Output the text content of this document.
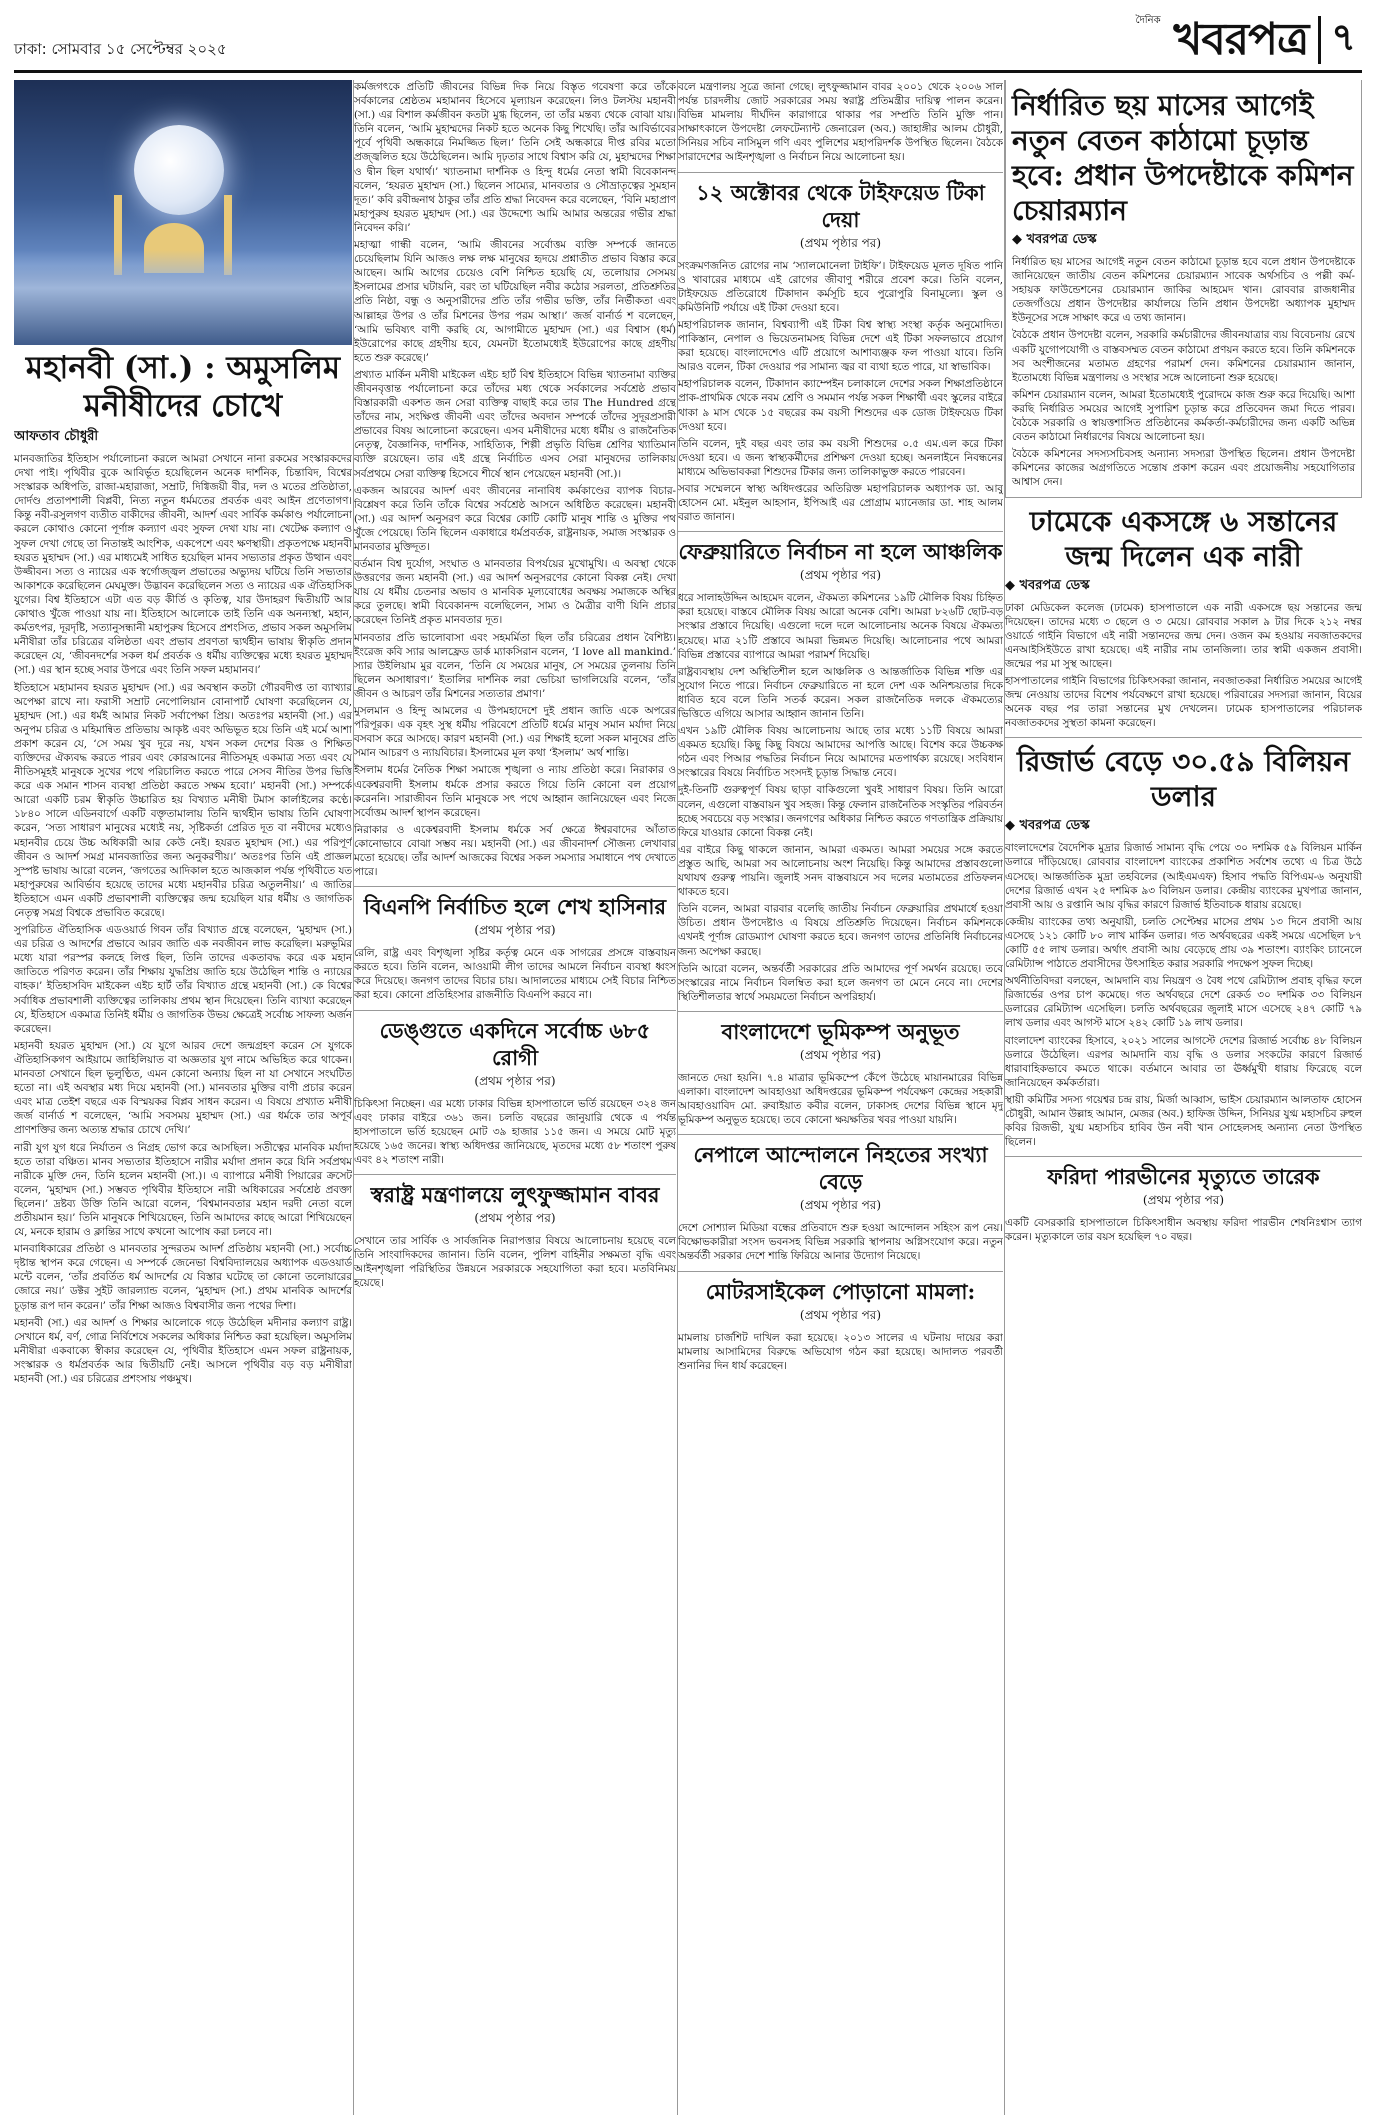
ঢাকা: সোমবার ১৫ সেপ্টেম্বর ২০২৫
দৈনিক খবরপত্র ৭
মহানবী (সা.) : অমুসলিম মনীষীদের চোখে
আফতাব চৌধুরী

মানবজাতির ইতিহাস পর্যালোচনা করলে আমরা সেখানে নানা রকমের সংস্কারকদের দেখা পাই। পৃথিবীর বুকে আবির্ভূত হয়েছিলেন অনেক দার্শনিক, চিন্তাবিদ, বিশ্বের সংস্কারক অধিপতি, রাজা-মহারাজা, সম্রাট, দিগ্বিজয়ী বীর, দল ও মতের প্রতিষ্ঠাতা, দোর্দণ্ড প্রতাপশালী বিপ্লবী, নিত্য নতুন ধর্মমতের প্রবর্তক এবং আইন প্রণেতাগণ। কিন্তু নবী-রসুলগণ ব্যতীত বাকীদের জীবনী, আদর্শ এবং সার্বিক কর্মকাণ্ড পর্যালোচনা করলে কোথাও কোনো পূর্ণাঙ্গ কল্যাণ এবং সুফল দেখা যায় না। খেটেক্ষ কল্যাণ ও সুফল দেখা গেছে তা নিতান্তই আংশিক, একপেশে এবং ক্ষণস্থায়ী। প্রকৃতপক্ষে মহানবী হযরত মুহাম্মদ (সা.) এর মাধ্যমেই সাধিত হয়েছিল মানব সভ্যতার প্রকৃত উত্থান এবং উজ্জীবন। সত্য ও ন্যায়ের এক স্বর্গোজ্জ্বল প্রভাতের অভ্যুদয় ঘটিয়ে তিনি সভ্যতার আকাশকে করেছিলেন মেঘমুক্ত। উদ্ভাবন করেছিলেন সত্য ও ন্যায়ের এক ঐতিহাসিক যুগের। বিশ্ব ইতিহাসে এটা এত বড় কীর্তি ও কৃতিত্ব, যার উদাহরণ দ্বিতীয়টি আর কোথাও খুঁজে পাওয়া যায় না। ইতিহাসে আলোকে তাই তিনি এক অনন্যস্থা, মহান, কর্মতৎপর, দূরদৃষ্টি, সত্যানুসন্ধানী মহাপুরুষ হিসেবে প্রশংসিত, প্রভাব সকল অমুসলিম মনীষীরা তাঁর চরিত্রের বলিষ্ঠতা এবং প্রভাব প্রবণতা দ্ব্যর্থহীন ভাষায় স্বীকৃতি প্রদান করেছেন যে, ‘জীবনদর্শের সকল ধর্ম প্রবর্তক ও ধর্মীয় ব্যক্তিত্বের মধ্যে হযরত মুহাম্মদ (সা.) এর স্থান হচ্ছে সবার উপরে এবং তিনি সফল মহামানব।’

ইতিহাসে মহামানব হযরত মুহাম্মদ (সা.) এর অবস্থান কতটা গৌরবদীপ্ত তা ব্যাখ্যার অপেক্ষা রাখে না। ফরাসী সম্রাট নেপোলিয়ান বোনাপার্ট ঘোষণা করেছিলেন যে, মুহাম্মদ (সা.) এর ধর্মই আমার নিকট সর্বাপেক্ষা প্রিয়। অতঃপর মহানবী (সা.) এর অনুপম চরিত্র ও মহিমান্বিত প্রতিভায় আকৃষ্ট এবং অভিভূত হয়ে তিনি এই মর্মে আশা প্রকাশ করেন যে, ‘সে সময় খুব দূরে নয়, যখন সকল দেশের বিজ্ঞ ও শিক্ষিত ব্যক্তিদের ঐক্যবদ্ধ করতে পারব এবং কোরআনের নীতিসমূহ একমাত্র সত্য এবং যে নীতিসমূহই মানুষকে সুখের পথে পরিচালিত করতে পারে সেসব নীতির উপর ভিত্তি করে এক সমান শাসন ব্যবস্থা প্রতিষ্ঠা করতে সক্ষম হবো।’ মহানবী (সা.) সম্পর্কে আরো একটি চরম স্বীকৃতি উচ্চারিত হয় বিখ্যাত মনীষী টমাস কার্লাইলের কণ্ঠে। ১৮৪০ সালে এডিনবার্গে একটি বক্তৃতামালায় তিনি দ্ব্যর্থহীন ভাষায় তিনি ঘোষণা করেন, ‘সত্য সাধারণ মানুষের মধ্যেই নয়, সৃষ্টিকর্তা প্রেরিত দূত বা নবীদের মধ্যেও মহানবীর চেয়ে উচ্চ অধিকারী আর কেউ নেই। হযরত মুহাম্মদ (সা.) এর পরিপূর্ণ জীবন ও আদর্শ সমগ্র মানবজাতির জন্য অনুকরণীয়।’ অতঃপর তিনি এই প্রাজ্ঞল সুস্পষ্ট ভাষায় আরো বলেন, ‘জগতের আদিকাল হতে আজকাল পর্যন্ত পৃথিবীতে যত মহাপুরুষের আবির্ভাব হয়েছে তাদের মধ্যে মহানবীর চরিত্র অতুলনীয়।’ এ জাতির ইতিহাসে এমন একটি প্রভাবশালী ব্যক্তিত্বের জন্ম হয়েছিল যার ধর্মীয় ও জাগতিক নেতৃত্ব সমগ্র বিশ্বকে প্রভাবিত করেছে।

সুপরিচিত ঐতিহাসিক এডওয়ার্ড গিবন তাঁর বিখ্যাত গ্রন্থে বলেছেন, ‘মুহাম্মদ (সা.) এর চরিত্র ও আদর্শের প্রভাবে আরব জাতি এক নবজীবন লাভ করেছিল। মরুভূমির মধ্যে যারা পরস্পর কলহে লিপ্ত ছিল, তিনি তাদের একতাবদ্ধ করে এক মহান জাতিতে পরিণত করেন। তাঁর শিক্ষায় যুদ্ধপ্রিয় জাতি হয়ে উঠেছিল শান্তি ও ন্যায়ের বাহক।’ ইতিহাসবিদ মাইকেল এইচ হার্ট তাঁর বিখ্যাত গ্রন্থে মহানবী (সা.) কে বিশ্বের সর্বাধিক প্রভাবশালী ব্যক্তিত্বের তালিকায় প্রথম স্থান দিয়েছেন। তিনি ব্যাখ্যা করেছেন যে, ইতিহাসে একমাত্র তিনিই ধর্মীয় ও জাগতিক উভয় ক্ষেত্রেই সর্বোচ্চ সাফল্য অর্জন করেছেন।

মহানবী হযরত মুহাম্মদ (সা.) যে যুগে আরব দেশে জন্মগ্রহণ করেন সে যুগকে ঐতিহাসিকগণ আইয়ামে জাহিলিয়াত বা অজ্ঞতার যুগ নামে অভিহিত করে থাকেন। মানবতা সেখানে ছিল ভূলুণ্ঠিত, এমন কোনো অন্যায় ছিল না যা সেখানে সংঘটিত হতো না। এই অবস্থার মধ্য দিয়ে মহানবী (সা.) মানবতার মুক্তির বাণী প্রচার করেন এবং মাত্র তেইশ বছরে এক বিস্ময়কর বিপ্লব সাধন করেন। এ বিষয়ে প্রখ্যাত মনীষী জর্জ বার্নার্ড শ বলেছেন, ‘আমি সবসময় মুহাম্মদ (সা.) এর ধর্মকে তার অপূর্ব প্রাণশক্তির জন্য অত্যন্ত শ্রদ্ধার চোখে দেখি।’

নারী যুগ যুগ ধরে নির্যাতন ও নিগ্রহ ভোগ করে আসছিল। সতীত্বের মানবিক মর্যাদা হতে তারা বঞ্চিত। মানব সভ্যতার ইতিহাসে নারীর মর্যাদা প্রদান করে যিনি সর্বপ্রথম নারীকে মুক্তি দেন, তিনি হলেন মহানবী (সা.)। এ ব্যাপারে মনীষী পিয়ারের ক্রসেট বলেন, ‘মুহাম্মদ (সা.) সম্ভবত পৃথিবীর ইতিহাসে নারী অধিকারের সর্বশ্রেষ্ঠ প্রবক্তা ছিলেন।’ দ্রষ্টব্য উক্তি তিনি আরো বলেন, ‘বিশ্বমানবতার মহান দরদী নেতা বলে প্রতীয়মান হয়।’ তিনি মানুষকে শিখিয়েছেন, তিনি আমাদের কাছে আরো শিখিয়েছেন যে, মনকে হারাম ও ক্লান্তির সাথে কখনো আপোষ করা চলবে না।

মানবাধিকারের প্রতিষ্ঠা ও মানবতার সুন্দরতম আদর্শ প্রতিষ্ঠায় মহানবী (সা.) সর্বোচ্চ দৃষ্টান্ত স্থাপন করে গেছেন। এ সম্পর্কে জেনেভা বিশ্ববিদ্যালয়ের অধ্যাপক এডওয়ার্ড মন্টে বলেন, ‘তাঁর প্রবর্তিত ধর্ম আদর্শের যে বিস্তার ঘটেছে তা কোনো তলোয়ারের জোরে নয়।’ ডক্টর সুইট জারল্যান্ড বলেন, ‘মুহাম্মদ (সা.) প্রথম মানবিক আদর্শের চূড়ান্ত রূপ দান করেন।’ তাঁর শিক্ষা আজও বিশ্ববাসীর জন্য পথের দিশা।

মহানবী (সা.) এর আদর্শ ও শিক্ষার আলোকে গড়ে উঠেছিল মদীনার কল্যাণ রাষ্ট্র। সেখানে ধর্ম, বর্ণ, গোত্র নির্বিশেষে সকলের অধিকার নিশ্চিত করা হয়েছিল। অমুসলিম মনীষীরা একবাক্যে স্বীকার করেছেন যে, পৃথিবীর ইতিহাসে এমন সফল রাষ্ট্রনায়ক, সংস্কারক ও ধর্মপ্রবর্তক আর দ্বিতীয়টি নেই। আসলে পৃথিবীর বড় বড় মনীষীরা মহানবী (সা.) এর চরিত্রের প্রশংসায় পঞ্চমুখ।

কর্মজগৎকে প্রতিটি জীবনের বিভিন্ন দিক নিয়ে বিস্তৃত গবেষণা করে তাঁকে সর্বকালের শ্রেষ্ঠতম মহামানব হিসেবে মূল্যায়ন করেছেন। লিও টলস্টয় মহানবী (সা.) এর বিশাল কর্মজীবন কতটা মুগ্ধ ছিলেন, তা তাঁর মন্তব্য থেকে বোঝা যায়। তিনি বলেন, ‘আমি মুহাম্মদের নিকট হতে অনেক কিছু শিখেছি। তাঁর আবির্ভাবের পূর্বে পৃথিবী অন্ধকারে নিমজ্জিত ছিল।’ তিনি সেই অন্ধকারে দীপ্ত রবির মতো প্রজ্জ্বলিত হয়ে উঠেছিলেন। আমি দৃঢ়তার সাথে বিশ্বাস করি যে, মুহাম্মদের শিক্ষা ও দ্বীন ছিল যথার্থ।’ খ্যাতনামা দার্শনিক ও হিন্দু ধর্মের নেতা স্বামী বিবেকানন্দ বলেন, ‘হযরত মুহাম্মদ (সা.) ছিলেন সাম্যের, মানবতার ও সৌভ্রাতৃত্বের সুমহান দূত।’ কবি রবীন্দ্রনাথ ঠাকুর তাঁর প্রতি শ্রদ্ধা নিবেদন করে বলেছেন, ‘বিনি মহাপ্রাণ মহাপুরুষ হযরত মুহাম্মদ (সা.) এর উদ্দেশ্যে আমি আমার অন্তরের গভীর শ্রদ্ধা নিবেদন করি।’

মহাত্মা গান্ধী বলেন, ‘আমি জীবনের সর্বোত্তম ব্যক্তি সম্পর্কে জানতে চেয়েছিলাম যিনি আজও লক্ষ লক্ষ মানুষের হৃদয়ে প্রশ্নাতীত প্রভাব বিস্তার করে আছেন। আমি আগের চেয়েও বেশি নিশ্চিত হয়েছি যে, তলোয়ার সেসময় ইসলামের প্রসার ঘটায়নি, বরং তা ঘটিয়েছিল নবীর কঠোর সরলতা, প্রতিশ্রুতির প্রতি নিষ্ঠা, বন্ধু ও অনুসারীদের প্রতি তাঁর গভীর ভক্তি, তাঁর নির্ভীকতা এবং আল্লাহর উপর ও তাঁর মিশনের উপর পরম আস্থা।’ জর্জ বার্নার্ড শ বলেছেন, ‘আমি ভবিষ্যৎ বাণী করছি যে, আগামীতে মুহাম্মদ (সা.) এর বিশ্বাস (ধর্ম) ইউরোপের কাছে গ্রহণীয় হবে, যেমনটা ইতোমধ্যেই ইউরোপের কাছে গ্রহণীয় হতে শুরু করেছে।’

প্রখ্যাত মার্কিন মনীষী মাইকেল এইচ হার্ট বিশ্ব ইতিহাসে বিভিন্ন খ্যাতনামা ব্যক্তির জীবনবৃত্তান্ত পর্যালোচনা করে তাঁদের মধ্য থেকে সর্বকালের সর্বশ্রেষ্ঠ প্রভাব বিস্তারকারী একশত জন সেরা ব্যক্তিত্ব বাছাই করে তার The Hundred গ্রন্থে তাঁদের নাম, সংক্ষিপ্ত জীবনী এবং তাঁদের অবদান সম্পর্কে তাঁদের সুদূরপ্রসারী প্রভাবের বিষয় আলোচনা করেছেন। এসব মনীষীদের মধ্যে ধর্মীয় ও রাজনৈতিক নেতৃত্ব, বৈজ্ঞানিক, দার্শনিক, সাহিত্যিক, শিল্পী প্রভৃতি বিভিন্ন শ্রেণির খ্যাতিমান ব্যক্তি রয়েছেন। তার এই গ্রন্থে নির্বাচিত এসব সেরা মানুষদের তালিকায় সর্বপ্রথমে সেরা ব্যক্তিত্ব হিসেবে শীর্ষে স্থান পেয়েছেন মহানবী (সা.)।

একজন আরবের আদর্শ এবং জীবনের নানাবিধ কর্মকাণ্ডের ব্যাপক বিচার-বিশ্লেষণ করে তিনি তাঁকে বিশ্বের সর্বশ্রেষ্ঠ আসনে অধিষ্ঠিত করেছেন। মহানবী (সা.) এর আদর্শ অনুসরণ করে বিশ্বের কোটি কোটি মানুষ শান্তি ও মুক্তির পথ খুঁজে পেয়েছে। তিনি ছিলেন একাধারে ধর্মপ্রবর্তক, রাষ্ট্রনায়ক, সমাজ সংস্কারক ও মানবতার মুক্তিদূত।

বর্তমান বিশ্ব দুর্যোগ, সংঘাত ও মানবতার বিপর্যয়ের মুখোমুখি। এ অবস্থা থেকে উত্তরণের জন্য মহানবী (সা.) এর আদর্শ অনুসরণের কোনো বিকল্প নেই। দেখা যায় যে ধর্মীয় চেতনার অভাব ও মানবিক মূল্যবোধের অবক্ষয় সমাজকে অস্থির করে তুলছে। স্বামী বিবেকানন্দ বলেছিলেন, সাম্য ও মৈত্রীর বাণী যিনি প্রচার করেছেন তিনিই প্রকৃত মানবতার দূত।

মানবতার প্রতি ভালোবাসা এবং সহমর্মিতা ছিল তাঁর চরিত্রের প্রধান বৈশিষ্ট্য। ইংরেজ কবি স্যার আলফ্রেড ডার্ক ম্যাকসিরান বলেন, ‘I love all mankind.’ স্যার উইলিয়াম মুর বলেন, ‘তিনি যে সময়ের মানুষ, সে সময়ের তুলনায় তিনি ছিলেন অসাধারণ।’ ইতালির দার্শনিক লরা ভেচিয়া ভাগলিয়েরি বলেন, ‘তাঁর জীবন ও আচরণ তাঁর মিশনের সত্যতার প্রমাণ।’

মুসলমান ও হিন্দু আমলের এ উপমহাদেশে দুই প্রধান জাতি একে অপরের পরিপূরক। এক বৃহৎ সুস্থ ধর্মীয় পরিবেশে প্রতিটি ধর্মের মানুষ সমান মর্যাদা নিয়ে বসবাস করে আসছে। কারণ মহানবী (সা.) এর শিক্ষাই হলো সকল মানুষের প্রতি সমান আচরণ ও ন্যায়বিচার। ইসলামের মূল কথা ‘ইসলাম’ অর্থ শান্তি।

ইসলাম ধর্মের নৈতিক শিক্ষা সমাজে শৃঙ্খলা ও ন্যায় প্রতিষ্ঠা করে। নিরাকার ও একেশ্বরবাদী ইসলাম ধর্মকে প্রসার করতে গিয়ে তিনি কোনো বল প্রয়োগ করেননি। সারাজীবন তিনি মানুষকে সৎ পথে আহ্বান জানিয়েছেন এবং নিজে সর্বোত্তম আদর্শ স্থাপন করেছেন।

নিরাকার ও একেশ্বরবাদী ইসলাম ধর্মকে সর্ব ক্ষেত্রে ঈশ্বরবাদের আঁতাত কোনোভাবে বোঝা সম্ভব নয়। মহানবী (সা.) এর জীবনাদর্শ সৌজন্য লেখাবার মতো হয়েছে। তাঁর আদর্শ আজকের বিশ্বের সকল সমস্যার সমাধানে পথ দেখাতে পারে।

বিএনপি নির্বাচিত হলে শেখ হাসিনার
(প্রথম পৃষ্ঠার পর)

রেলি, রাষ্ট্র এবং বিশৃঙ্খলা সৃষ্টির কর্তৃত্ব মেনে এক সাগরের প্রসঙ্গে বাস্তবায়ন করতে হবে। তিনি বলেন, আওয়ামী লীগ তাদের আমলে নির্বাচন ব্যবস্থা ধ্বংস করে দিয়েছে। জনগণ তাদের বিচার চায়। আদালতের মাধ্যমে সেই বিচার নিশ্চিত করা হবে। কোনো প্রতিহিংসার রাজনীতি বিএনপি করবে না।

ডেঙ্গুতে একদিনে সর্বোচ্চ ৬৮৫ রোগী
(প্রথম পৃষ্ঠার পর)

চিকিৎসা নিচ্ছেন। এর মধ্যে ঢাকার বিভিন্ন হাসপাতালে ভর্তি রয়েছেন ৩২৪ জন এবং ঢাকার বাইরে ৩৬১ জন। চলতি বছরের জানুয়ারি থেকে এ পর্যন্ত হাসপাতালে ভর্তি হয়েছেন মোট ৩৯ হাজার ১১৫ জন। এ সময়ে মোট মৃত্যু হয়েছে ১৬৫ জনের। স্বাস্থ্য অধিদপ্তর জানিয়েছে, মৃতদের মধ্যে ৫৮ শতাংশ পুরুষ এবং ৪২ শতাংশ নারী।

স্বরাষ্ট্র মন্ত্রণালয়ে লুৎফুজ্জামান বাবর
(প্রথম পৃষ্ঠার পর)

সেখানে তার সার্বিক ও সার্বজনিক নিরাপত্তার বিষয়ে আলোচনায় হয়েছে বলে তিনি সাংবাদিকদের জানান। তিনি বলেন, পুলিশ বাহিনীর সক্ষমতা বৃদ্ধি এবং আইনশৃঙ্খলা পরিস্থিতির উন্নয়নে সরকারকে সহযোগিতা করা হবে। মতবিনিময় হয়েছে।

বলে মন্ত্রণালয় সূত্রে জানা গেছে। লুৎফুজ্জামান বাবর ২০০১ থেকে ২০০৬ সাল পর্যন্ত চারদলীয় জোট সরকারের সময় স্বরাষ্ট্র প্রতিমন্ত্রীর দায়িত্ব পালন করেন। বিভিন্ন মামলায় দীর্ঘদিন কারাগারে থাকার পর সম্প্রতি তিনি মুক্তি পান। সাক্ষাৎকালে উপদেষ্টা লেফটেন্যান্ট জেনারেল (অব.) জাহাঙ্গীর আলম চৌধুরী, সিনিয়র সচিব নাসিমুল গণি এবং পুলিশের মহাপরিদর্শক উপস্থিত ছিলেন। বৈঠকে সারাদেশের আইনশৃঙ্খলা ও নির্বাচন নিয়ে আলোচনা হয়।

১২ অক্টোবর থেকে টাইফয়েড টিকা দেয়া
(প্রথম পৃষ্ঠার পর)

সংক্রমণজনিত রোগের নাম ‘স্যালমোনেলা টাইফি’। টাইফয়েড মূলত দূষিত পানি ও খাবারের মাধ্যমে এই রোগের জীবাণু শরীরে প্রবেশ করে। তিনি বলেন, টাইফয়েড প্রতিরোধে টিকাদান কর্মসূচি হবে পুরোপুরি বিনামূল্যে। স্কুল ও কমিউনিটি পর্যায়ে এই টিকা দেওয়া হবে।

মহাপরিচালক জানান, বিশ্বব্যাপী এই টিকা বিশ্ব স্বাস্থ্য সংস্থা কর্তৃক অনুমোদিত। পাকিস্তান, নেপাল ও ভিয়েতনামসহ বিভিন্ন দেশে এই টিকা সফলভাবে প্রয়োগ করা হয়েছে। বাংলাদেশেও এটি প্রয়োগে আশাব্যঞ্জক ফল পাওয়া যাবে। তিনি আরও বলেন, টিকা দেওয়ার পর সামান্য জ্বর বা ব্যথা হতে পারে, যা স্বাভাবিক।

মহাপরিচালক বলেন, টিকাদান ক্যাম্পেইন চলাকালে দেশের সকল শিক্ষাপ্রতিষ্ঠানে প্রাক-প্রাথমিক থেকে নবম শ্রেণি ও সমমান পর্যন্ত সকল শিক্ষার্থী এবং স্কুলের বাইরে থাকা ৯ মাস থেকে ১৫ বছরের কম বয়সী শিশুদের এক ডোজ টাইফয়েড টিকা দেওয়া হবে।

তিনি বলেন, দুই বছর এবং তার কম বয়সী শিশুদের ০.৫ এম.এল করে টিকা দেওয়া হবে। এ জন্য স্বাস্থ্যকর্মীদের প্রশিক্ষণ দেওয়া হচ্ছে। অনলাইনে নিবন্ধনের মাধ্যমে অভিভাবকরা শিশুদের টিকার জন্য তালিকাভুক্ত করতে পারবেন।

সবার সম্মেলনে স্বাস্থ্য অধিদপ্তরের অতিরিক্ত মহাপরিচালক অধ্যাপক ডা. আবু হোসেন মো. মইনুল আহসান, ইপিআই এর প্রোগ্রাম ম্যানেজার ডা. শাহ আলম বরাত জানান।

ফেব্রুয়ারিতে নির্বাচন না হলে আঞ্চলিক
(প্রথম পৃষ্ঠার পর)

ধরে সালাহউদ্দিন আহমেদ বলেন, ঐকমত্য কমিশনের ১৯টি মৌলিক বিষয় চিহ্নিত করা হয়েছে। বাস্তবে মৌলিক বিষয় আরো অনেক বেশি। আমরা ৮২৬টি ছোট-বড় সংস্কার প্রস্তাবে দিয়েছি। এগুলো দলে দলে আলোচনায় অনেক বিষয়ে ঐকমত্য হয়েছে। মাত্র ২১টি প্রস্তাবে আমরা ভিন্নমত দিয়েছি। আলোচনার পথে আমরা বিভিন্ন প্রস্তাবের ব্যাপারে আমরা পরামর্শ দিয়েছি।

রাষ্ট্রব্যবস্থায় দেশ অস্থিতিশীল হলে আঞ্চলিক ও আন্তর্জাতিক বিভিন্ন শক্তি এর সুযোগ নিতে পারে। নির্বাচন ফেব্রুয়ারিতে না হলে দেশ এক অনিশ্চয়তার দিকে ধাবিত হবে বলে তিনি সতর্ক করেন। সকল রাজনৈতিক দলকে ঐকমত্যের ভিত্তিতে এগিয়ে আসার আহ্বান জানান তিনি।

এখন ১৯টি মৌলিক বিষয় আলোচনায় আছে তার মধ্যে ১১টি বিষয়ে আমরা একমত হয়েছি। কিছু কিছু বিষয়ে আমাদের আপত্তি আছে। বিশেষ করে উচ্চকক্ষ গঠন এবং পিআর পদ্ধতির নির্বাচন নিয়ে আমাদের মতপার্থক্য রয়েছে। সংবিধান সংস্কারের বিষয়ে নির্বাচিত সংসদই চূড়ান্ত সিদ্ধান্ত নেবে।

দুই-তিনটি গুরুত্বপূর্ণ বিষয় ছাড়া বাকিগুলো খুবই সাধারণ বিষয়। তিনি আরো বলেন, এগুলো বাস্তবায়ন খুব সহজ। কিন্তু ফেলান রাজনৈতিক সংস্কৃতির পরিবর্তন হচ্ছে সবচেয়ে বড় সংস্কার। জনগণের অধিকার নিশ্চিত করতে গণতান্ত্রিক প্রক্রিয়ায় ফিরে যাওয়ার কোনো বিকল্প নেই।

এর বাইরে কিছু থাকলে জানান, আমরা একমত। আমরা সময়ের সঙ্গে করতে প্রস্তুত আছি, আমরা সব আলোচনায় অংশ নিয়েছি। কিন্তু আমাদের প্রস্তাবগুলো যথাযথ গুরুত্ব পায়নি। জুলাই সনদ বাস্তবায়নে সব দলের মতামতের প্রতিফলন থাকতে হবে।

তিনি বলেন, আমরা বারবার বলেছি জাতীয় নির্বাচন ফেব্রুয়ারির প্রথমার্ধে হওয়া উচিত। প্রধান উপদেষ্টাও এ বিষয়ে প্রতিশ্রুতি দিয়েছেন। নির্বাচন কমিশনকে এখনই পূর্ণাঙ্গ রোডম্যাপ ঘোষণা করতে হবে। জনগণ তাদের প্রতিনিধি নির্বাচনের জন্য অপেক্ষা করছে।

তিনি আরো বলেন, অন্তর্বর্তী সরকারের প্রতি আমাদের পূর্ণ সমর্থন রয়েছে। তবে সংস্কারের নামে নির্বাচন বিলম্বিত করা হলে জনগণ তা মেনে নেবে না। দেশের স্থিতিশীলতার স্বার্থে সময়মতো নির্বাচন অপরিহার্য।

বাংলাদেশে ভূমিকম্প অনুভূত
(প্রথম পৃষ্ঠার পর)

জানতে দেয়া হয়নি। ৭.৪ মাত্রার ভূমিকম্পে কেঁপে উঠেছে মায়ানমারের বিভিন্ন এলাকা। বাংলাদেশ আবহাওয়া অধিদপ্তরের ভূমিকম্প পর্যবেক্ষণ কেন্দ্রের সহকারী আবহাওয়াবিদ মো. রুবাইয়াত কবীর বলেন, ঢাকাসহ দেশের বিভিন্ন স্থানে মৃদু ভূমিকম্প অনুভূত হয়েছে। তবে কোনো ক্ষয়ক্ষতির খবর পাওয়া যায়নি।

নেপালে আন্দোলনে নিহতের সংখ্যা বেড়ে
(প্রথম পৃষ্ঠার পর)

দেশে সোশ্যাল মিডিয়া বন্ধের প্রতিবাদে শুরু হওয়া আন্দোলন সহিংস রূপ নেয়। বিক্ষোভকারীরা সংসদ ভবনসহ বিভিন্ন সরকারি স্থাপনায় অগ্নিসংযোগ করে। নতুন অন্তর্বর্তী সরকার দেশে শান্তি ফিরিয়ে আনার উদ্যোগ নিয়েছে।

মোটরসাইকেল পোড়ানো মামলা:
(প্রথম পৃষ্ঠার পর)

মামলায় চার্জশিট দাখিল করা হয়েছে। ২০১৩ সালের এ ঘটনায় দায়ের করা মামলায় আসামিদের বিরুদ্ধে অভিযোগ গঠন করা হয়েছে। আদালত পরবর্তী শুনানির দিন ধার্য করেছেন।

নির্ধারিত ছয় মাসের আগেই নতুন বেতন কাঠামো চূড়ান্ত হবে: প্রধান উপদেষ্টাকে কমিশন চেয়ারম্যান
◆ খবরপত্র ডেস্ক

নির্ধারিত ছয় মাসের আগেই নতুন বেতন কাঠামো চূড়ান্ত হবে বলে প্রধান উপদেষ্টাকে জানিয়েছেন জাতীয় বেতন কমিশনের চেয়ারম্যান সাবেক অর্থসচিব ও পল্লী কর্ম-সহায়ক ফাউন্ডেশনের চেয়ারম্যান জাকির আহমেদ খান। রোববার রাজধানীর তেজগাঁওয়ে প্রধান উপদেষ্টার কার্যালয়ে তিনি প্রধান উপদেষ্টা অধ্যাপক মুহাম্মদ ইউনূসের সঙ্গে সাক্ষাৎ করে এ তথ্য জানান।

বৈঠকে প্রধান উপদেষ্টা বলেন, সরকারি কর্মচারীদের জীবনযাত্রার ব্যয় বিবেচনায় রেখে একটি যুগোপযোগী ও বাস্তবসম্মত বেতন কাঠামো প্রণয়ন করতে হবে। তিনি কমিশনকে সব অংশীজনের মতামত গ্রহণের পরামর্শ দেন। কমিশনের চেয়ারম্যান জানান, ইতোমধ্যে বিভিন্ন মন্ত্রণালয় ও সংস্থার সঙ্গে আলোচনা শুরু হয়েছে।

কমিশন চেয়ারম্যান বলেন, আমরা ইতোমধ্যেই পুরোদমে কাজ শুরু করে দিয়েছি। আশা করছি নির্ধারিত সময়ের আগেই সুপারিশ চূড়ান্ত করে প্রতিবেদন জমা দিতে পারব। বৈঠকে সরকারি ও স্বায়ত্তশাসিত প্রতিষ্ঠানের কর্মকর্তা-কর্মচারীদের জন্য একটি অভিন্ন বেতন কাঠামো নির্ধারণের বিষয়ে আলোচনা হয়।

বৈঠকে কমিশনের সদস্যসচিবসহ অন্যান্য সদস্যরা উপস্থিত ছিলেন। প্রধান উপদেষ্টা কমিশনের কাজের অগ্রগতিতে সন্তোষ প্রকাশ করেন এবং প্রয়োজনীয় সহযোগিতার আশ্বাস দেন।

ঢামেকে একসঙ্গে ৬ সন্তানের জন্ম দিলেন এক নারী
◆ খবরপত্র ডেস্ক

ঢাকা মেডিকেল কলেজ (ঢামেক) হাসপাতালে এক নারী একসঙ্গে ছয় সন্তানের জন্ম দিয়েছেন। তাদের মধ্যে ৩ ছেলে ও ৩ মেয়ে। রোববার সকাল ৯ টার দিকে ২১২ নম্বর ওয়ার্ডে গাইনি বিভাগে এই নারী সন্তানদের জন্ম দেন। ওজন কম হওয়ায় নবজাতকদের এনআইসিইউতে রাখা হয়েছে। এই নারীর নাম তানজিলা। তার স্বামী একজন প্রবাসী। জন্মের পর মা সুস্থ আছেন।

হাসপাতালের গাইনি বিভাগের চিকিৎসকরা জানান, নবজাতকরা নির্ধারিত সময়ের আগেই জন্ম নেওয়ায় তাদের বিশেষ পর্যবেক্ষণে রাখা হয়েছে। পরিবারের সদস্যরা জানান, বিয়ের অনেক বছর পর তারা সন্তানের মুখ দেখলেন। ঢামেক হাসপাতালের পরিচালক নবজাতকদের সুস্থতা কামনা করেছেন।

রিজার্ভ বেড়ে ৩০.৫৯ বিলিয়ন ডলার
◆ খবরপত্র ডেস্ক

বাংলাদেশের বৈদেশিক মুদ্রার রিজার্ভ সামান্য বৃদ্ধি পেয়ে ৩০ দশমিক ৫৯ বিলিয়ন মার্কিন ডলারে দাঁড়িয়েছে। রোববার বাংলাদেশ ব্যাংকের প্রকাশিত সর্বশেষ তথ্যে এ চিত্র উঠে এসেছে। আন্তর্জাতিক মুদ্রা তহবিলের (আইএমএফ) হিসাব পদ্ধতি বিপিএম-৬ অনুযায়ী দেশের রিজার্ভ এখন ২৫ দশমিক ৯৩ বিলিয়ন ডলার। কেন্দ্রীয় ব্যাংকের মুখপাত্র জানান, প্রবাসী আয় ও রপ্তানি আয় বৃদ্ধির কারণে রিজার্ভ ইতিবাচক ধারায় রয়েছে।

কেন্দ্রীয় ব্যাংকের তথ্য অনুযায়ী, চলতি সেপ্টেম্বর মাসের প্রথম ১৩ দিনে প্রবাসী আয় এসেছে ১২১ কোটি ৮০ লাখ মার্কিন ডলার। গত অর্থবছরের একই সময়ে এসেছিল ৮৭ কোটি ৫৫ লাখ ডলার। অর্থাৎ প্রবাসী আয় বেড়েছে প্রায় ৩৯ শতাংশ। ব্যাংকিং চ্যানেলে রেমিট্যান্স পাঠাতে প্রবাসীদের উৎসাহিত করার সরকারি পদক্ষেপ সুফল দিচ্ছে।

অর্থনীতিবিদরা বলছেন, আমদানি ব্যয় নিয়ন্ত্রণ ও বৈধ পথে রেমিট্যান্স প্রবাহ বৃদ্ধির ফলে রিজার্ভের ওপর চাপ কমেছে। গত অর্থবছরে দেশে রেকর্ড ৩০ দশমিক ৩৩ বিলিয়ন ডলারের রেমিট্যান্স এসেছিল। চলতি অর্থবছরের জুলাই মাসে এসেছে ২৪৭ কোটি ৭৯ লাখ ডলার এবং আগস্ট মাসে ২৪২ কোটি ১৯ লাখ ডলার।

বাংলাদেশ ব্যাংকের হিসাবে, ২০২১ সালের আগস্টে দেশের রিজার্ভ সর্বোচ্চ ৪৮ বিলিয়ন ডলারে উঠেছিল। এরপর আমদানি ব্যয় বৃদ্ধি ও ডলার সংকটের কারণে রিজার্ভ ধারাবাহিকভাবে কমতে থাকে। বর্তমানে আবার তা ঊর্ধ্বমুখী ধারায় ফিরেছে বলে জানিয়েছেন কর্মকর্তারা।

স্থায়ী কমিটির সদস্য গয়েশ্বর চন্দ্র রায়, মির্জা আব্বাস, ভাইস চেয়ারম্যান আলতাফ হোসেন চৌধুরী, আমান উল্লাহ আমান, মেজর (অব.) হাফিজ উদ্দিন, সিনিয়র যুগ্ম মহাসচিব রুহুল কবির রিজভী, যুগ্ম মহাসচিব হাবিব উন নবী খান সোহেলসহ অন্যান্য নেতা উপস্থিত ছিলেন।

ফরিদা পারভীনের মৃত্যুতে তারেক
(প্রথম পৃষ্ঠার পর)

একটি বেসরকারি হাসপাতালে চিকিৎসাধীন অবস্থায় ফরিদা পারভীন শেষনিঃশ্বাস ত্যাগ করেন। মৃত্যুকালে তার বয়স হয়েছিল ৭০ বছর।
